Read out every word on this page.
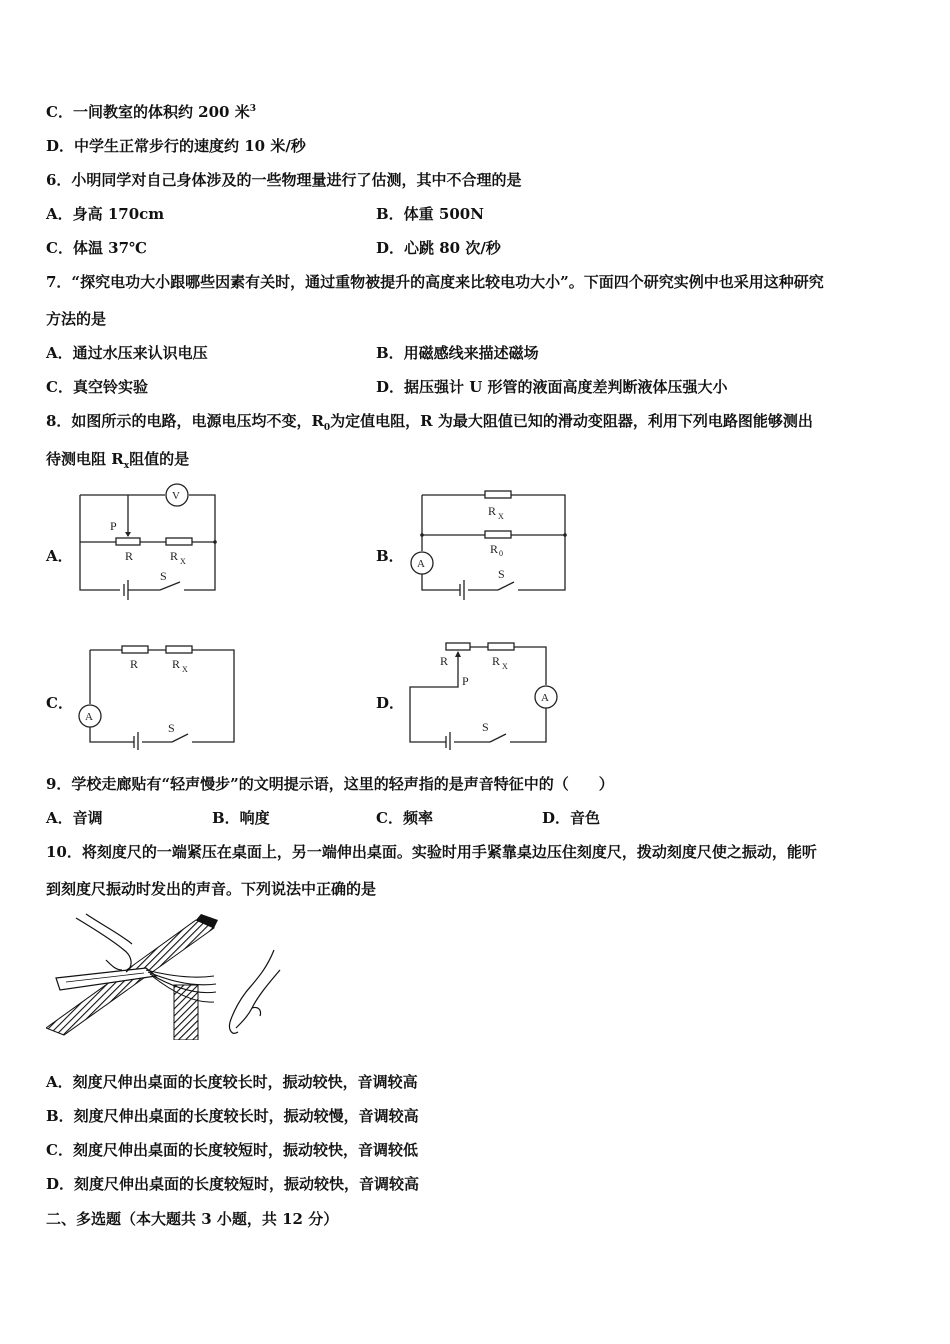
C．一间教室的体积约 200 米$^3$
D．中学生正常步行的速度约 10 米/秒
6．小明同学对自己身体涉及的一些物理量进行了估测，其中不合理的是
A．身高 170cm	B．体重 500N
C．体温 37℃	D．心跳 80 次/秒
7．“探究电功大小跟哪些因素有关时，通过重物被提升的高度来比较电功大小”。下面四个研究实例中也采用这种研究
方法的是
A．通过水压来认识电压	B．用磁感线来描述磁场
C．真空铃实验	D．据压强计 U 形管的液面高度差判断液体压强大小
8．如图所示的电路，电源电压均不变，$R_0$为定值电阻，R 为最大阻值已知的滑动变阻器，利用下列电路图能够测出
待测电阻 $R_x$阻值的是
A．	B．
C．	D．
V
P
R	R X
S
A
R X
R 0
S
A
R	R X
S
A
R
P
R X
S
9．学校走廊贴有“轻声慢步”的文明提示语，这里的轻声指的是声音特征中的（　　）
A．音调	B．响度	C．频率	D．音色
10．将刻度尺的一端紧压在桌面上，另一端伸出桌面。实验时用手紧靠桌边压住刻度尺，拨动刻度尺使之振动，能听
到刻度尺振动时发出的声音。下列说法中正确的是
A．刻度尺伸出桌面的长度较长时，振动较快，音调较高
B．刻度尺伸出桌面的长度较长时，振动较慢，音调较高
C．刻度尺伸出桌面的长度较短时，振动较快，音调较低
D．刻度尺伸出桌面的长度较短时，振动较快，音调较高
二、多选题（本大题共 3 小题，共 12 分）
